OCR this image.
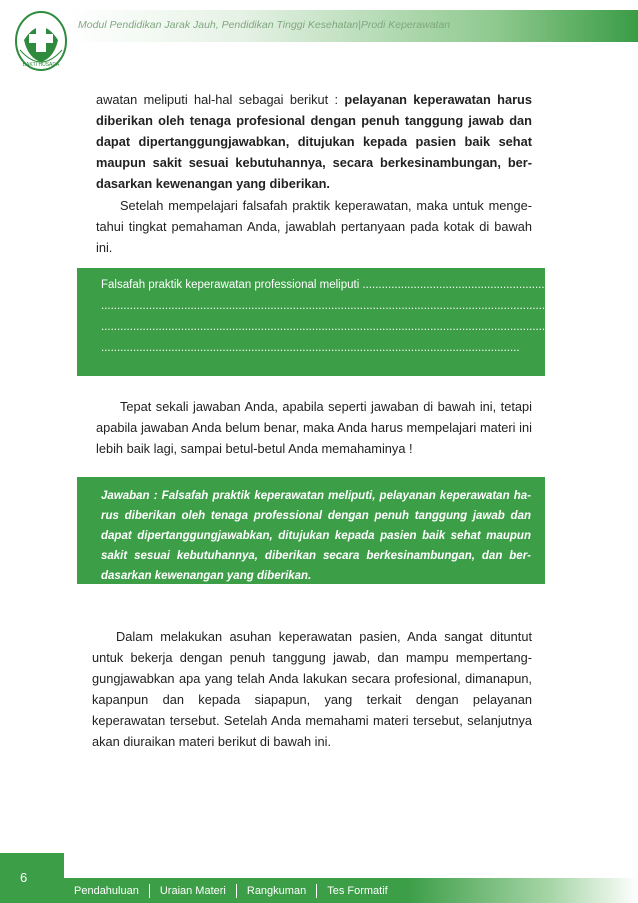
Modul Pendidikan Jarak Jauh, Pendidikan Tinggi Kesehatan|Prodi Keperawatan
BAKTI HUSADA

awatan meliputi hal-hal sebagai berikut : pelayanan keperawatan harus diberikan oleh tenaga profesional dengan penuh tanggung jawab dan dapat dipertanggungjawabkan, ditujukan kepada pasien baik sehat maupun sakit sesuai kebutuhannya, secara berkesinambungan, ber-dasarkan kewenangan yang diberikan.

Setelah mempelajari falsafah praktik keperawatan, maka untuk menge-tahui tingkat pemahaman Anda, jawablah pertanyaan pada kotak di bawah ini.

Falsafah praktik keperawatan professional meliputi .................................................................
......................................................................................................................................................................
......................................................................................................................................................................
...................................................................................................................................

Tepat sekali jawaban Anda, apabila seperti jawaban di bawah ini, tetapi apabila jawaban Anda belum benar, maka Anda harus mempelajari materi ini lebih baik lagi, sampai betul-betul Anda memahaminya !

Jawaban : Falsafah praktik keperawatan meliputi, pelayanan keperawatan ha-rus diberikan oleh tenaga professional dengan penuh tanggung jawab dan dapat dipertanggungjawabkan, ditujukan kepada pasien baik sehat maupun sakit sesuai kebutuhannya, diberikan secara berkesinambungan, dan ber-dasarkan kewenangan yang diberikan.

Dalam melakukan asuhan keperawatan pasien, Anda sangat dituntut untuk bekerja dengan penuh tanggung jawab, dan mampu mempertang-gungjawabkan apa yang telah Anda lakukan secara profesional, dimanapun, kapanpun dan kepada siapapun, yang terkait dengan pelayanan keperawatan tersebut. Setelah Anda memahami materi tersebut, selanjutnya akan diuraikan materi berikut di bawah ini.

6
Pendahuluan	Uraian Materi	Rangkuman	Tes Formatif
